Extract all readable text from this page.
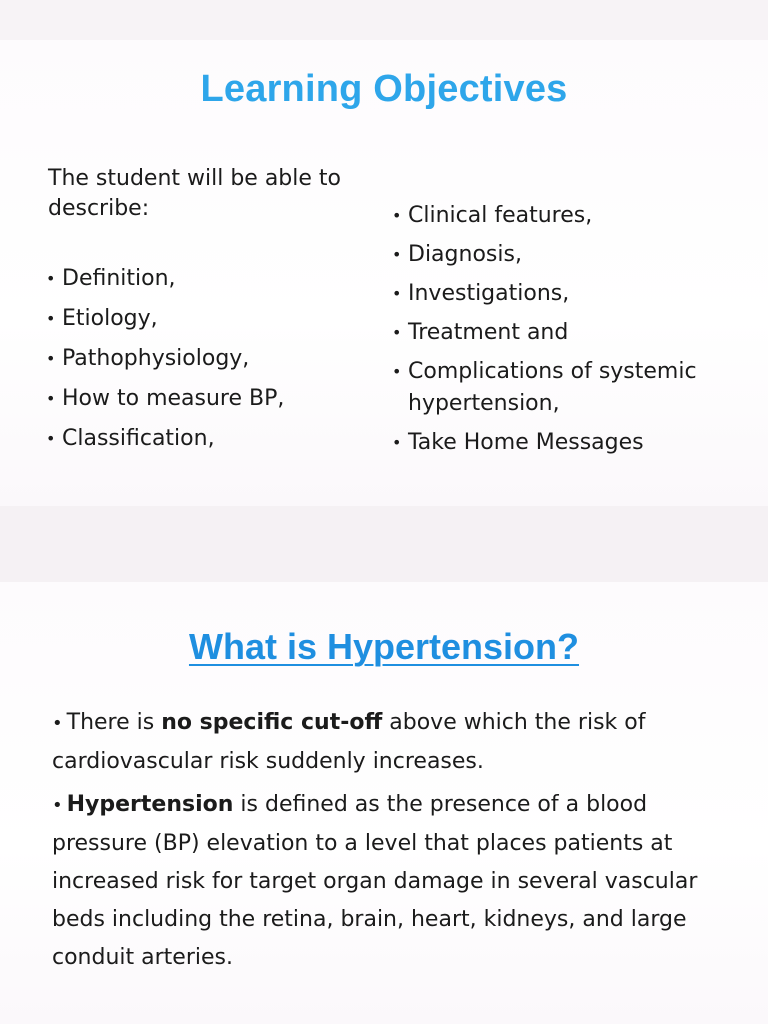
Learning Objectives
The student will be able to describe:
• Definition,
• Etiology,
• Pathophysiology,
• How to measure BP,
• Classification,
• Clinical features,
• Diagnosis,
• Investigations,
• Treatment and
• Complications of systemic hypertension,
• Take Home Messages
What is Hypertension?

• There is no specific cut-off above which the risk of cardiovascular risk suddenly increases.

• Hypertension is defined as the presence of a blood pressure (BP) elevation to a level that places patients at increased risk for target organ damage in several vascular beds including the retina, brain, heart, kidneys, and large conduit arteries.
